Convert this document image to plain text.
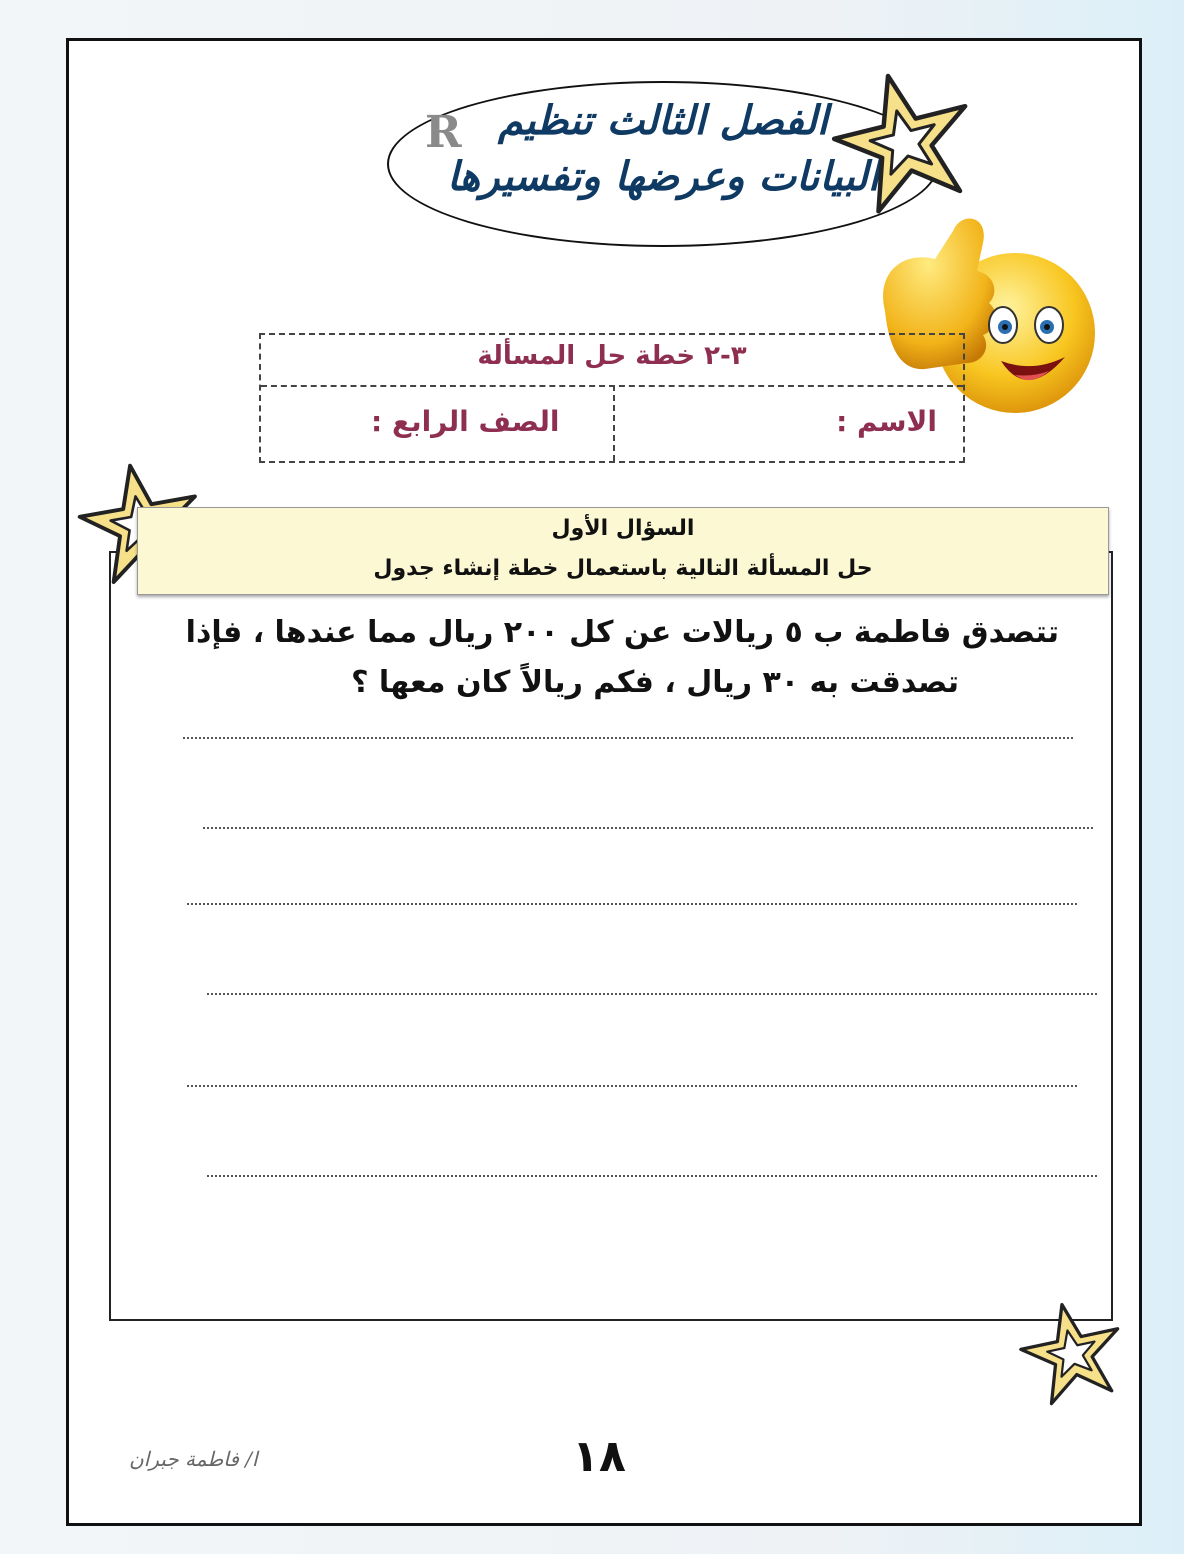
الفصل الثالث تنظيم
البيانات وعرضها وتفسيرها
R
٣-٢ خطة حل المسألة
الاسم :
الصف الرابع :
السؤال الأول
حل المسألة التالية باستعمال خطة إنشاء جدول
تتصدق فاطمة ب ٥ ريالات عن كل ٢٠٠ ريال مما عندها ، فإذا
تصدقت به ٣٠ ريال ، فكم ريالاً كان معها ؟
١٨
ا/ فاطمة جبران
